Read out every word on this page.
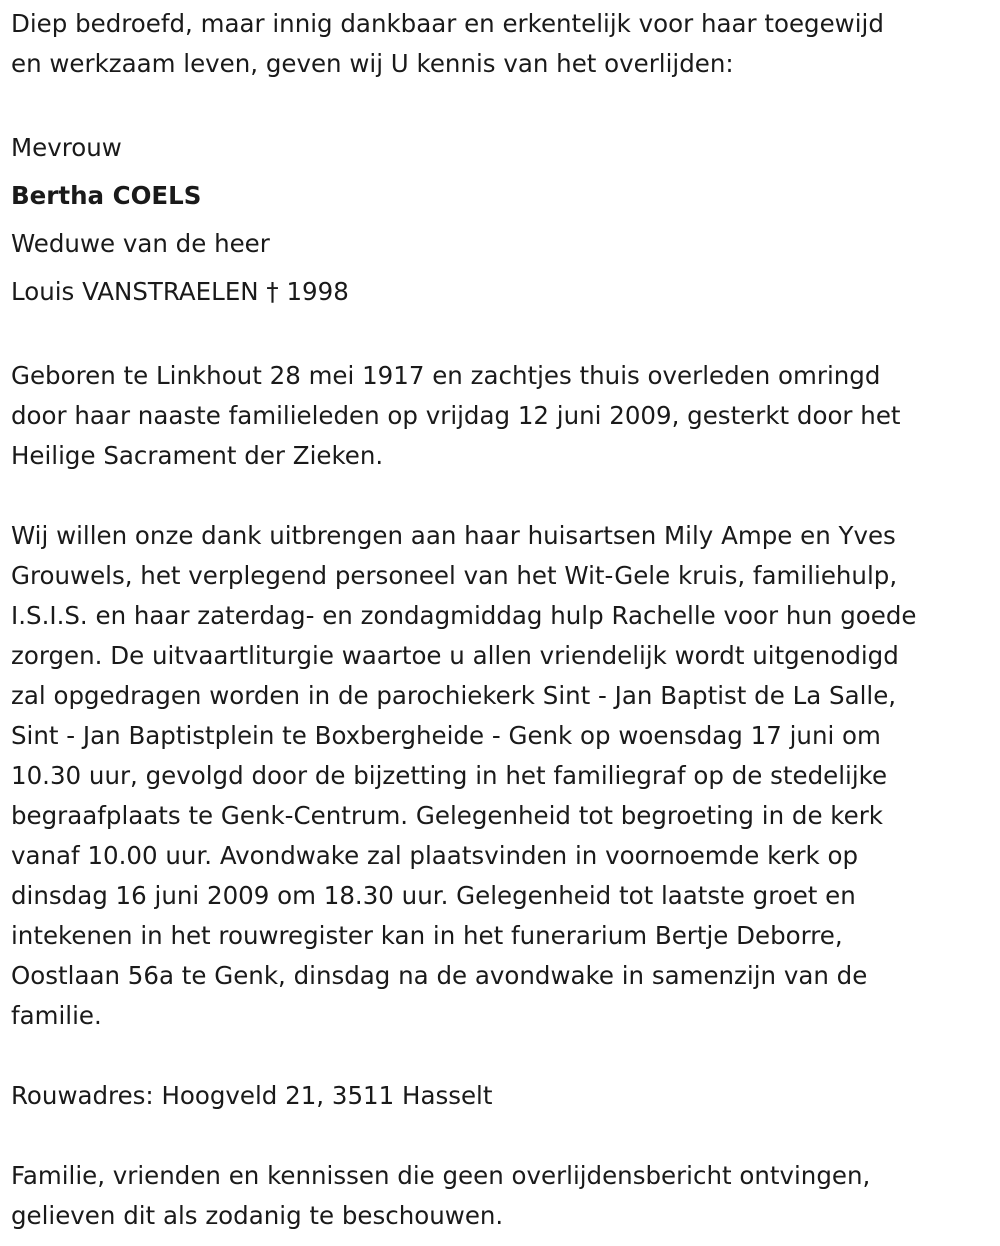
Diep bedroefd, maar innig dankbaar en erkentelijk voor haar toegewijd
en werkzaam leven, geven wij U kennis van het overlijden:

Mevrouw
Bertha COELS
Weduwe van de heer
Louis VANSTRAELEN † 1998

Geboren te Linkhout 28 mei 1917 en zachtjes thuis overleden omringd
door haar naaste familieleden op vrijdag 12 juni 2009, gesterkt door het
Heilige Sacrament der Zieken.

Wij willen onze dank uitbrengen aan haar huisartsen Mily Ampe en Yves
Grouwels, het verplegend personeel van het Wit-Gele kruis, familiehulp,
I.S.I.S. en haar zaterdag- en zondagmiddag hulp Rachelle voor hun goede
zorgen. De uitvaartliturgie waartoe u allen vriendelijk wordt uitgenodigd
zal opgedragen worden in de parochiekerk Sint - Jan Baptist de La Salle,
Sint - Jan Baptistplein te Boxbergheide - Genk op woensdag 17 juni om
10.30 uur, gevolgd door de bijzetting in het familiegraf op de stedelijke
begraafplaats te Genk-Centrum. Gelegenheid tot begroeting in de kerk
vanaf 10.00 uur. Avondwake zal plaatsvinden in voornoemde kerk op
dinsdag 16 juni 2009 om 18.30 uur. Gelegenheid tot laatste groet en
intekenen in het rouwregister kan in het funerarium Bertje Deborre,
Oostlaan 56a te Genk, dinsdag na de avondwake in samenzijn van de
familie.

Rouwadres: Hoogveld 21, 3511 Hasselt

Familie, vrienden en kennissen die geen overlijdensbericht ontvingen,
gelieven dit als zodanig te beschouwen.
